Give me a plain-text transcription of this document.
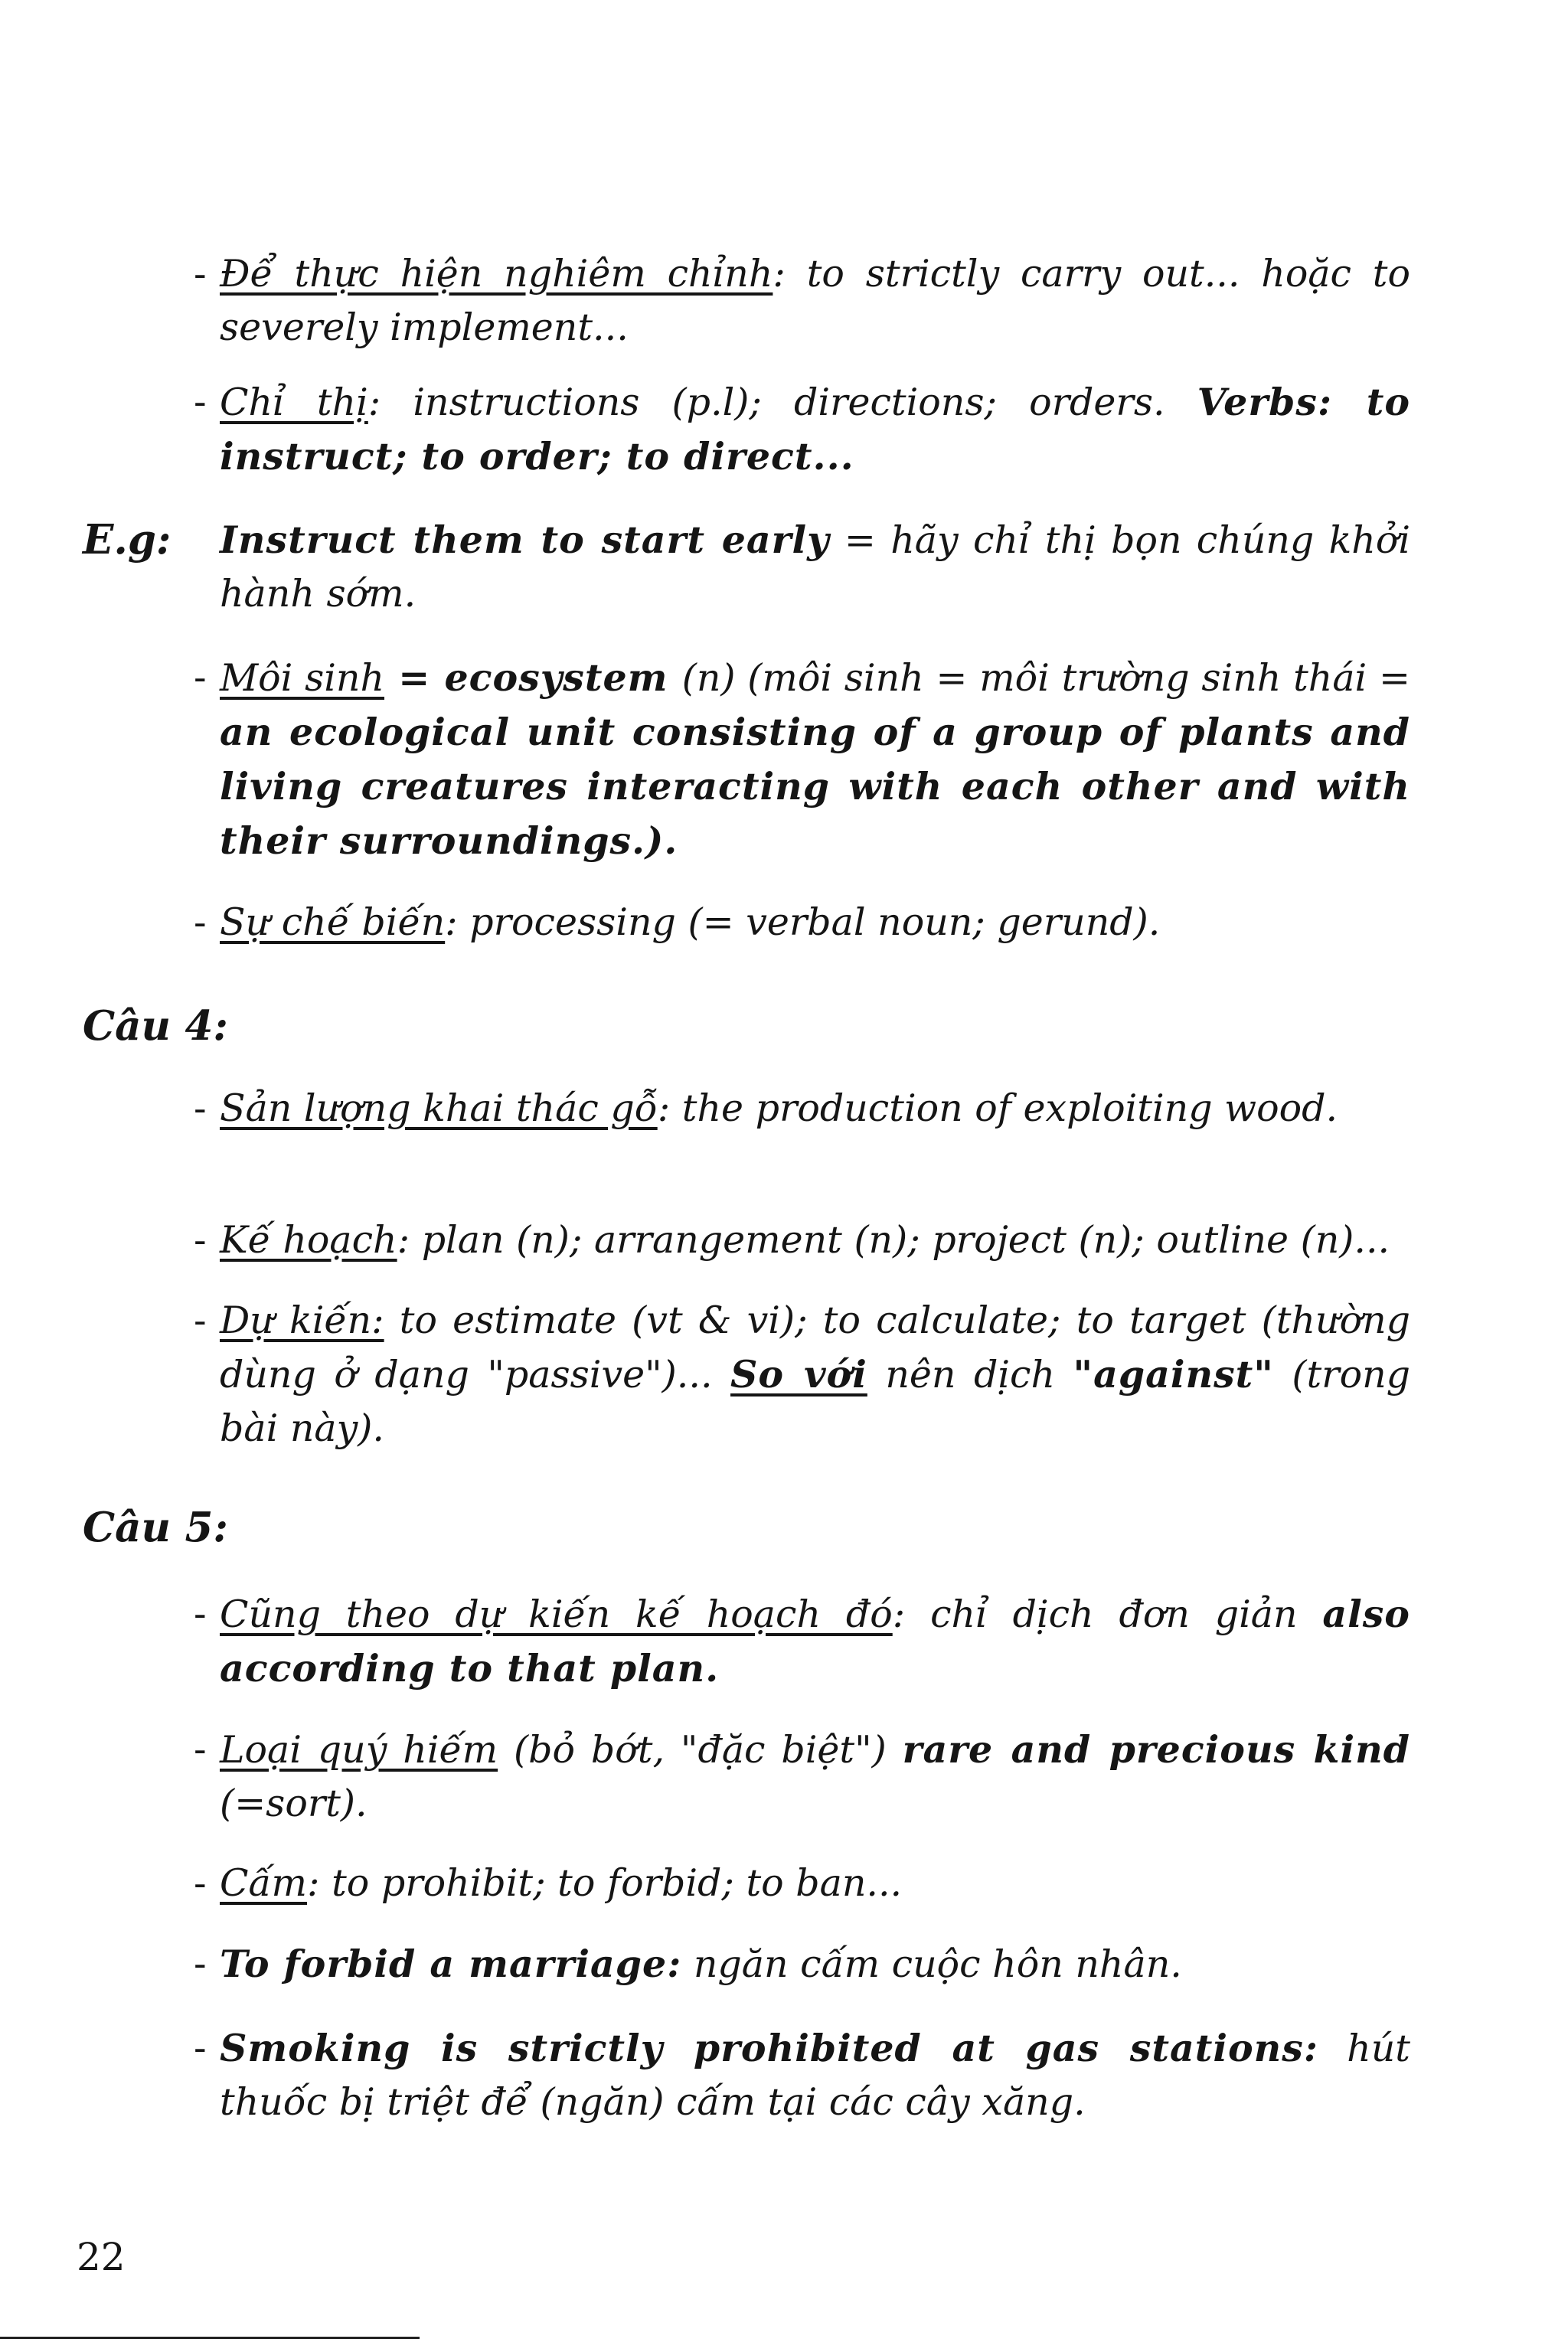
- Để thực hiện nghiêm chỉnh: to strictly carry out... hoặc to severely implement...
- Chỉ thị: instructions (p.l); directions; orders. Verbs: to instruct; to order; to direct...
E.g: Instruct them to start early = hãy chỉ thị bọn chúng khởi hành sớm.
- Môi sinh = ecosystem (n) (môi sinh = môi trường sinh thái = an ecological unit consisting of a group of plants and living creatures interacting with each other and with their surroundings.).
- Sự chế biến: processing (= verbal noun; gerund).
Câu 4:
- Sản lượng khai thác gỗ: the production of exploiting wood.
- Kế hoạch: plan (n); arrangement (n); project (n); outline (n)...
- Dự kiến: to estimate (vt & vi); to calculate; to target (thường dùng ở dạng "passive")... So với nên dịch "against" (trong bài này).
Câu 5:
- Cũng theo dự kiến kế hoạch đó: chỉ dịch đơn giản also according to that plan.
- Loại quý hiếm (bỏ bớt, "đặc biệt") rare and precious kind (=sort).
- Cấm: to prohibit; to forbid; to ban...
- To forbid a marriage: ngăn cấm cuộc hôn nhân.
- Smoking is strictly prohibited at gas stations: hút thuốc bị triệt để (ngăn) cấm tại các cây xăng.
22
